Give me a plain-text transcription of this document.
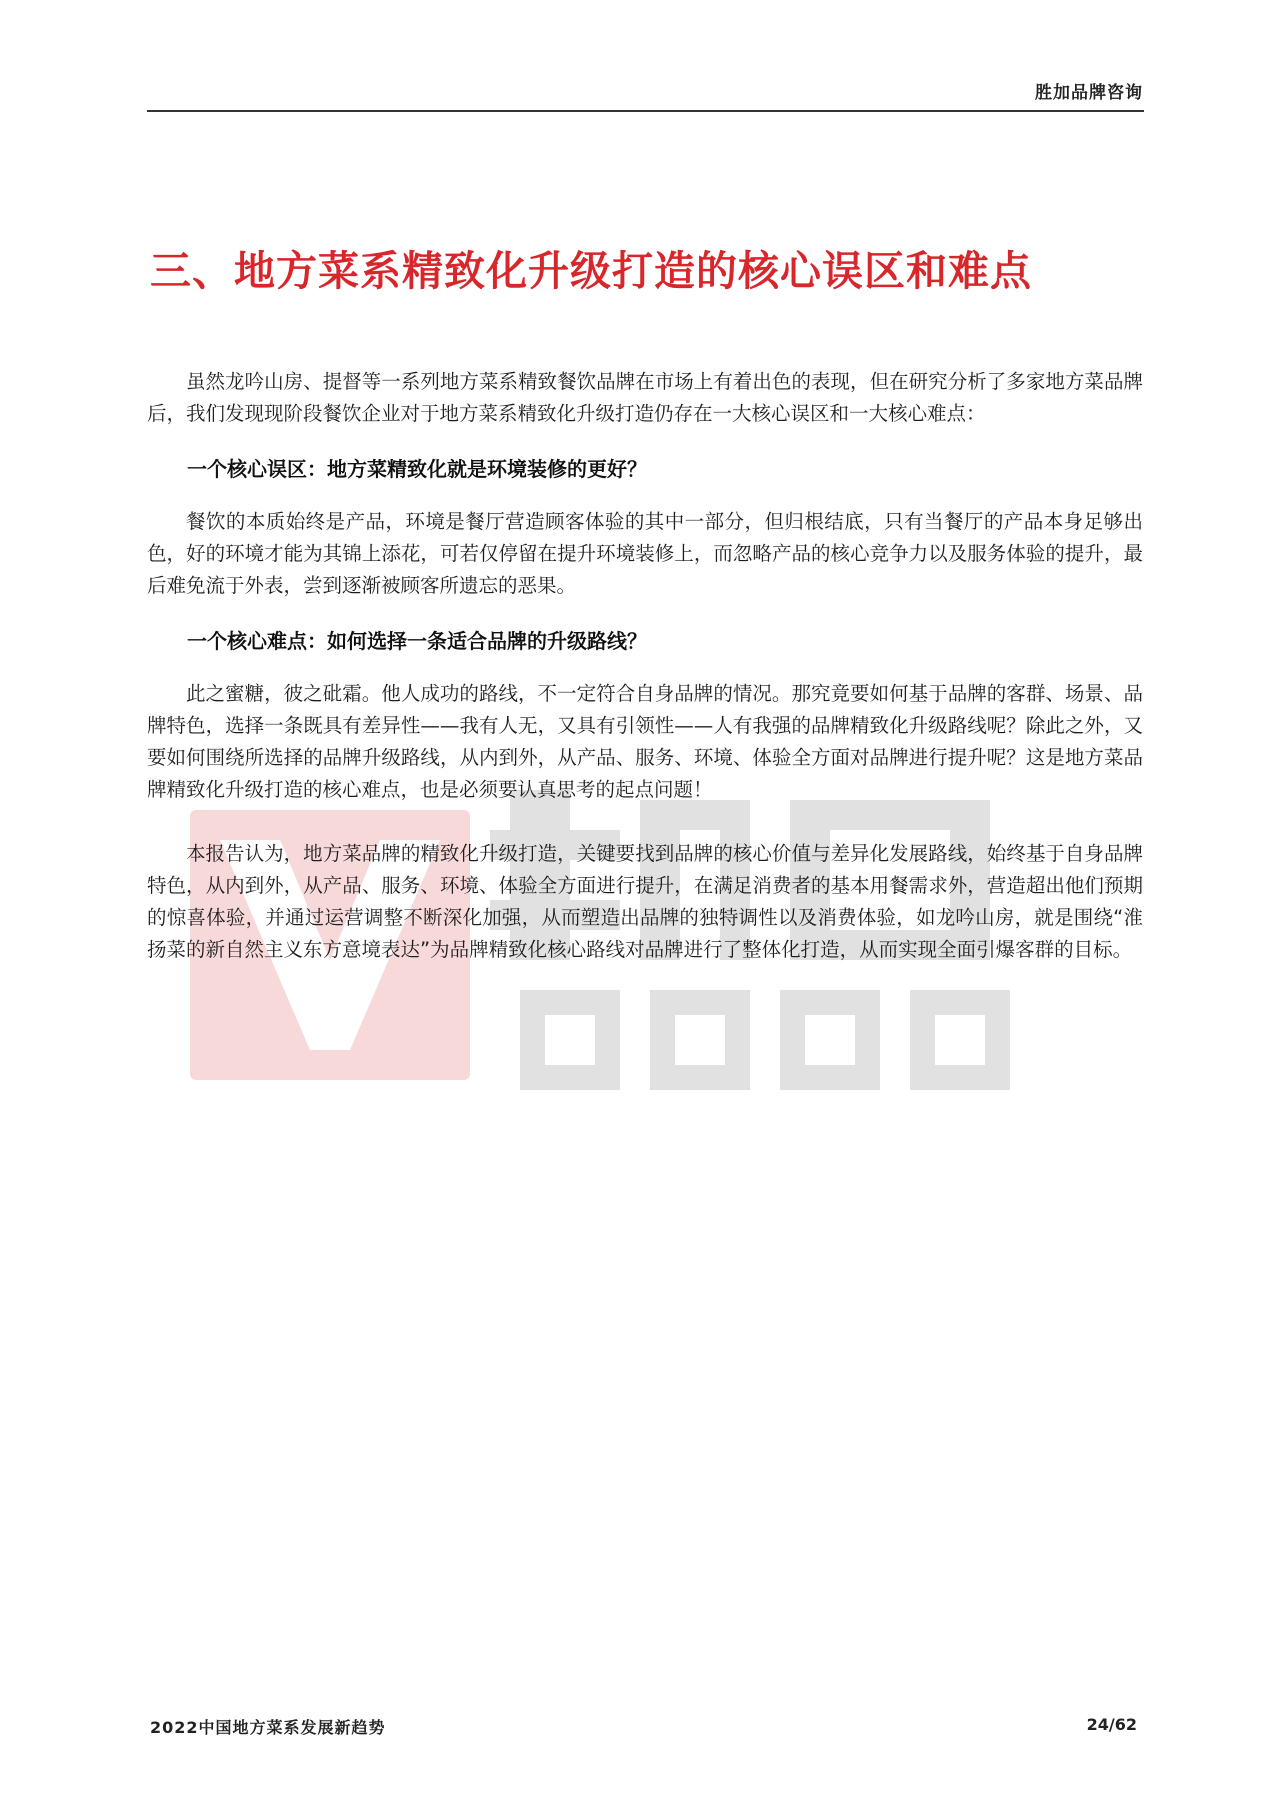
胜加品牌咨询
三、地方菜系精致化升级打造的核心误区和难点

虽然龙吟山房、提督等一系列地方菜系精致餐饮品牌在市场上有着出色的表现，但在研究分析了多家地方菜品牌后，我们发现现阶段餐饮企业对于地方菜系精致化升级打造仍存在一大核心误区和一大核心难点：

一个核心误区：地方菜精致化就是环境装修的更好？

餐饮的本质始终是产品，环境是餐厅营造顾客体验的其中一部分，但归根结底，只有当餐厅的产品本身足够出色，好的环境才能为其锦上添花，可若仅停留在提升环境装修上，而忽略产品的核心竞争力以及服务体验的提升，最后难免流于外表，尝到逐渐被顾客所遗忘的恶果。

一个核心难点：如何选择一条适合品牌的升级路线？

此之蜜糖，彼之砒霜。他人成功的路线，不一定符合自身品牌的情况。那究竟要如何基于品牌的客群、场景、品牌特色，选择一条既具有差异性——我有人无，又具有引领性——人有我强的品牌精致化升级路线呢？除此之外，又要如何围绕所选择的品牌升级路线，从内到外，从产品、服务、环境、体验全方面对品牌进行提升呢？这是地方菜品牌精致化升级打造的核心难点，也是必须要认真思考的起点问题！

本报告认为，地方菜品牌的精致化升级打造，关键要找到品牌的核心价值与差异化发展路线，始终基于自身品牌特色，从内到外，从产品、服务、环境、体验全方面进行提升，在满足消费者的基本用餐需求外，营造超出他们预期的惊喜体验，并通过运营调整不断深化加强，从而塑造出品牌的独特调性以及消费体验，如龙吟山房，就是围绕“淮扬菜的新自然主义东方意境表达”为品牌精致化核心路线对品牌进行了整体化打造，从而实现全面引爆客群的目标。

2022中国地方菜系发展新趋势	24/62
